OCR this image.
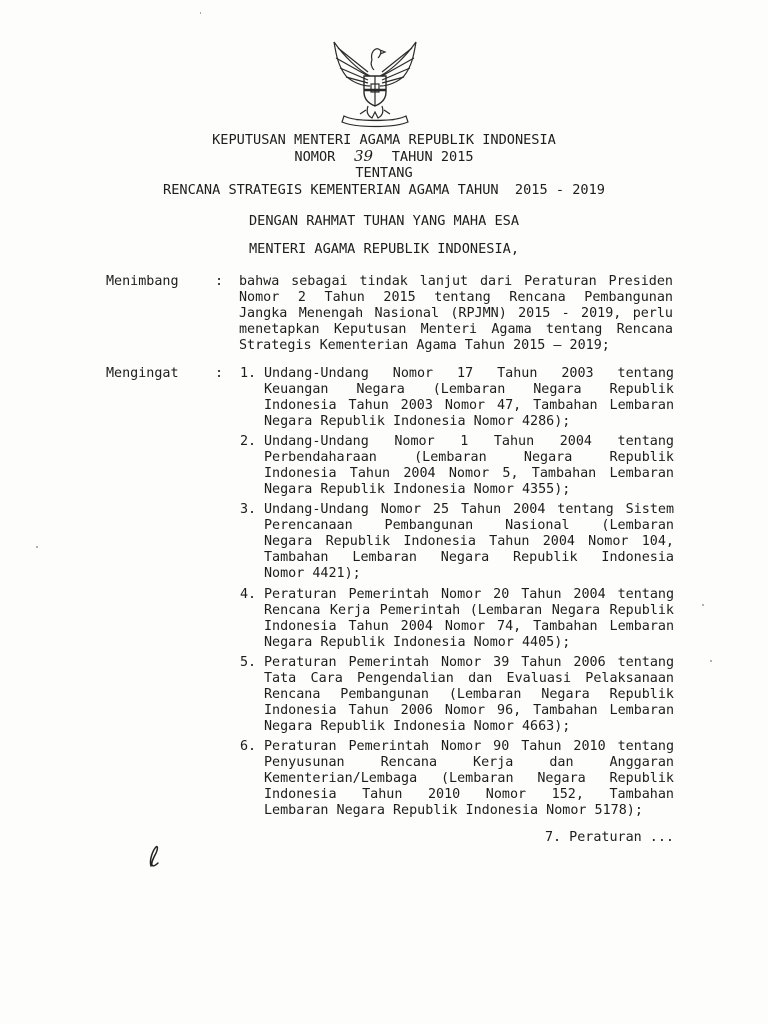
KEPUTUSAN MENTERI AGAMA REPUBLIK INDONESIA
NOMOR 39 TAHUN 2015
TENTANG
RENCANA STRATEGIS KEMENTERIAN AGAMA TAHUN  2015 - 2019
DENGAN RAHMAT TUHAN YANG MAHA ESA
MENTERI AGAMA REPUBLIK INDONESIA,
Menimbang	: bahwa sebagai tindak lanjut dari Peraturan Presiden
Nomor 2 Tahun 2015 tentang Rencana Pembangunan
Jangka Menengah Nasional (RPJMN) 2015 - 2019, perlu
menetapkan Keputusan Menteri Agama tentang Rencana
Strategis Kementerian Agama Tahun 2015 – 2019;
Mengingat	: 1. Undang-Undang Nomor 17 Tahun 2003 tentang
Keuangan Negara (Lembaran Negara Republik
Indonesia Tahun 2003 Nomor 47, Tambahan Lembaran
Negara Republik Indonesia Nomor 4286);
2. Undang-Undang Nomor 1 Tahun 2004 tentang
Perbendaharaan (Lembaran Negara Republik
Indonesia Tahun 2004 Nomor 5, Tambahan Lembaran
Negara Republik Indonesia Nomor 4355);
3. Undang-Undang Nomor 25 Tahun 2004 tentang Sistem
Perencanaan Pembangunan Nasional (Lembaran
Negara Republik Indonesia Tahun 2004 Nomor 104,
Tambahan Lembaran Negara Republik Indonesia
Nomor 4421);
4. Peraturan Pemerintah Nomor 20 Tahun 2004 tentang
Rencana Kerja Pemerintah (Lembaran Negara Republik
Indonesia Tahun 2004 Nomor 74, Tambahan Lembaran
Negara Republik Indonesia Nomor 4405);
5. Peraturan Pemerintah Nomor 39 Tahun 2006 tentang
Tata Cara Pengendalian dan Evaluasi Pelaksanaan
Rencana Pembangunan (Lembaran Negara Republik
Indonesia Tahun 2006 Nomor 96, Tambahan Lembaran
Negara Republik Indonesia Nomor 4663);
6. Peraturan Pemerintah Nomor 90 Tahun 2010 tentang
Penyusunan Rencana Kerja dan Anggaran
Kementerian/Lembaga (Lembaran Negara Republik
Indonesia Tahun 2010 Nomor 152, Tambahan
Lembaran Negara Republik Indonesia Nomor 5178);
7. Peraturan ...
